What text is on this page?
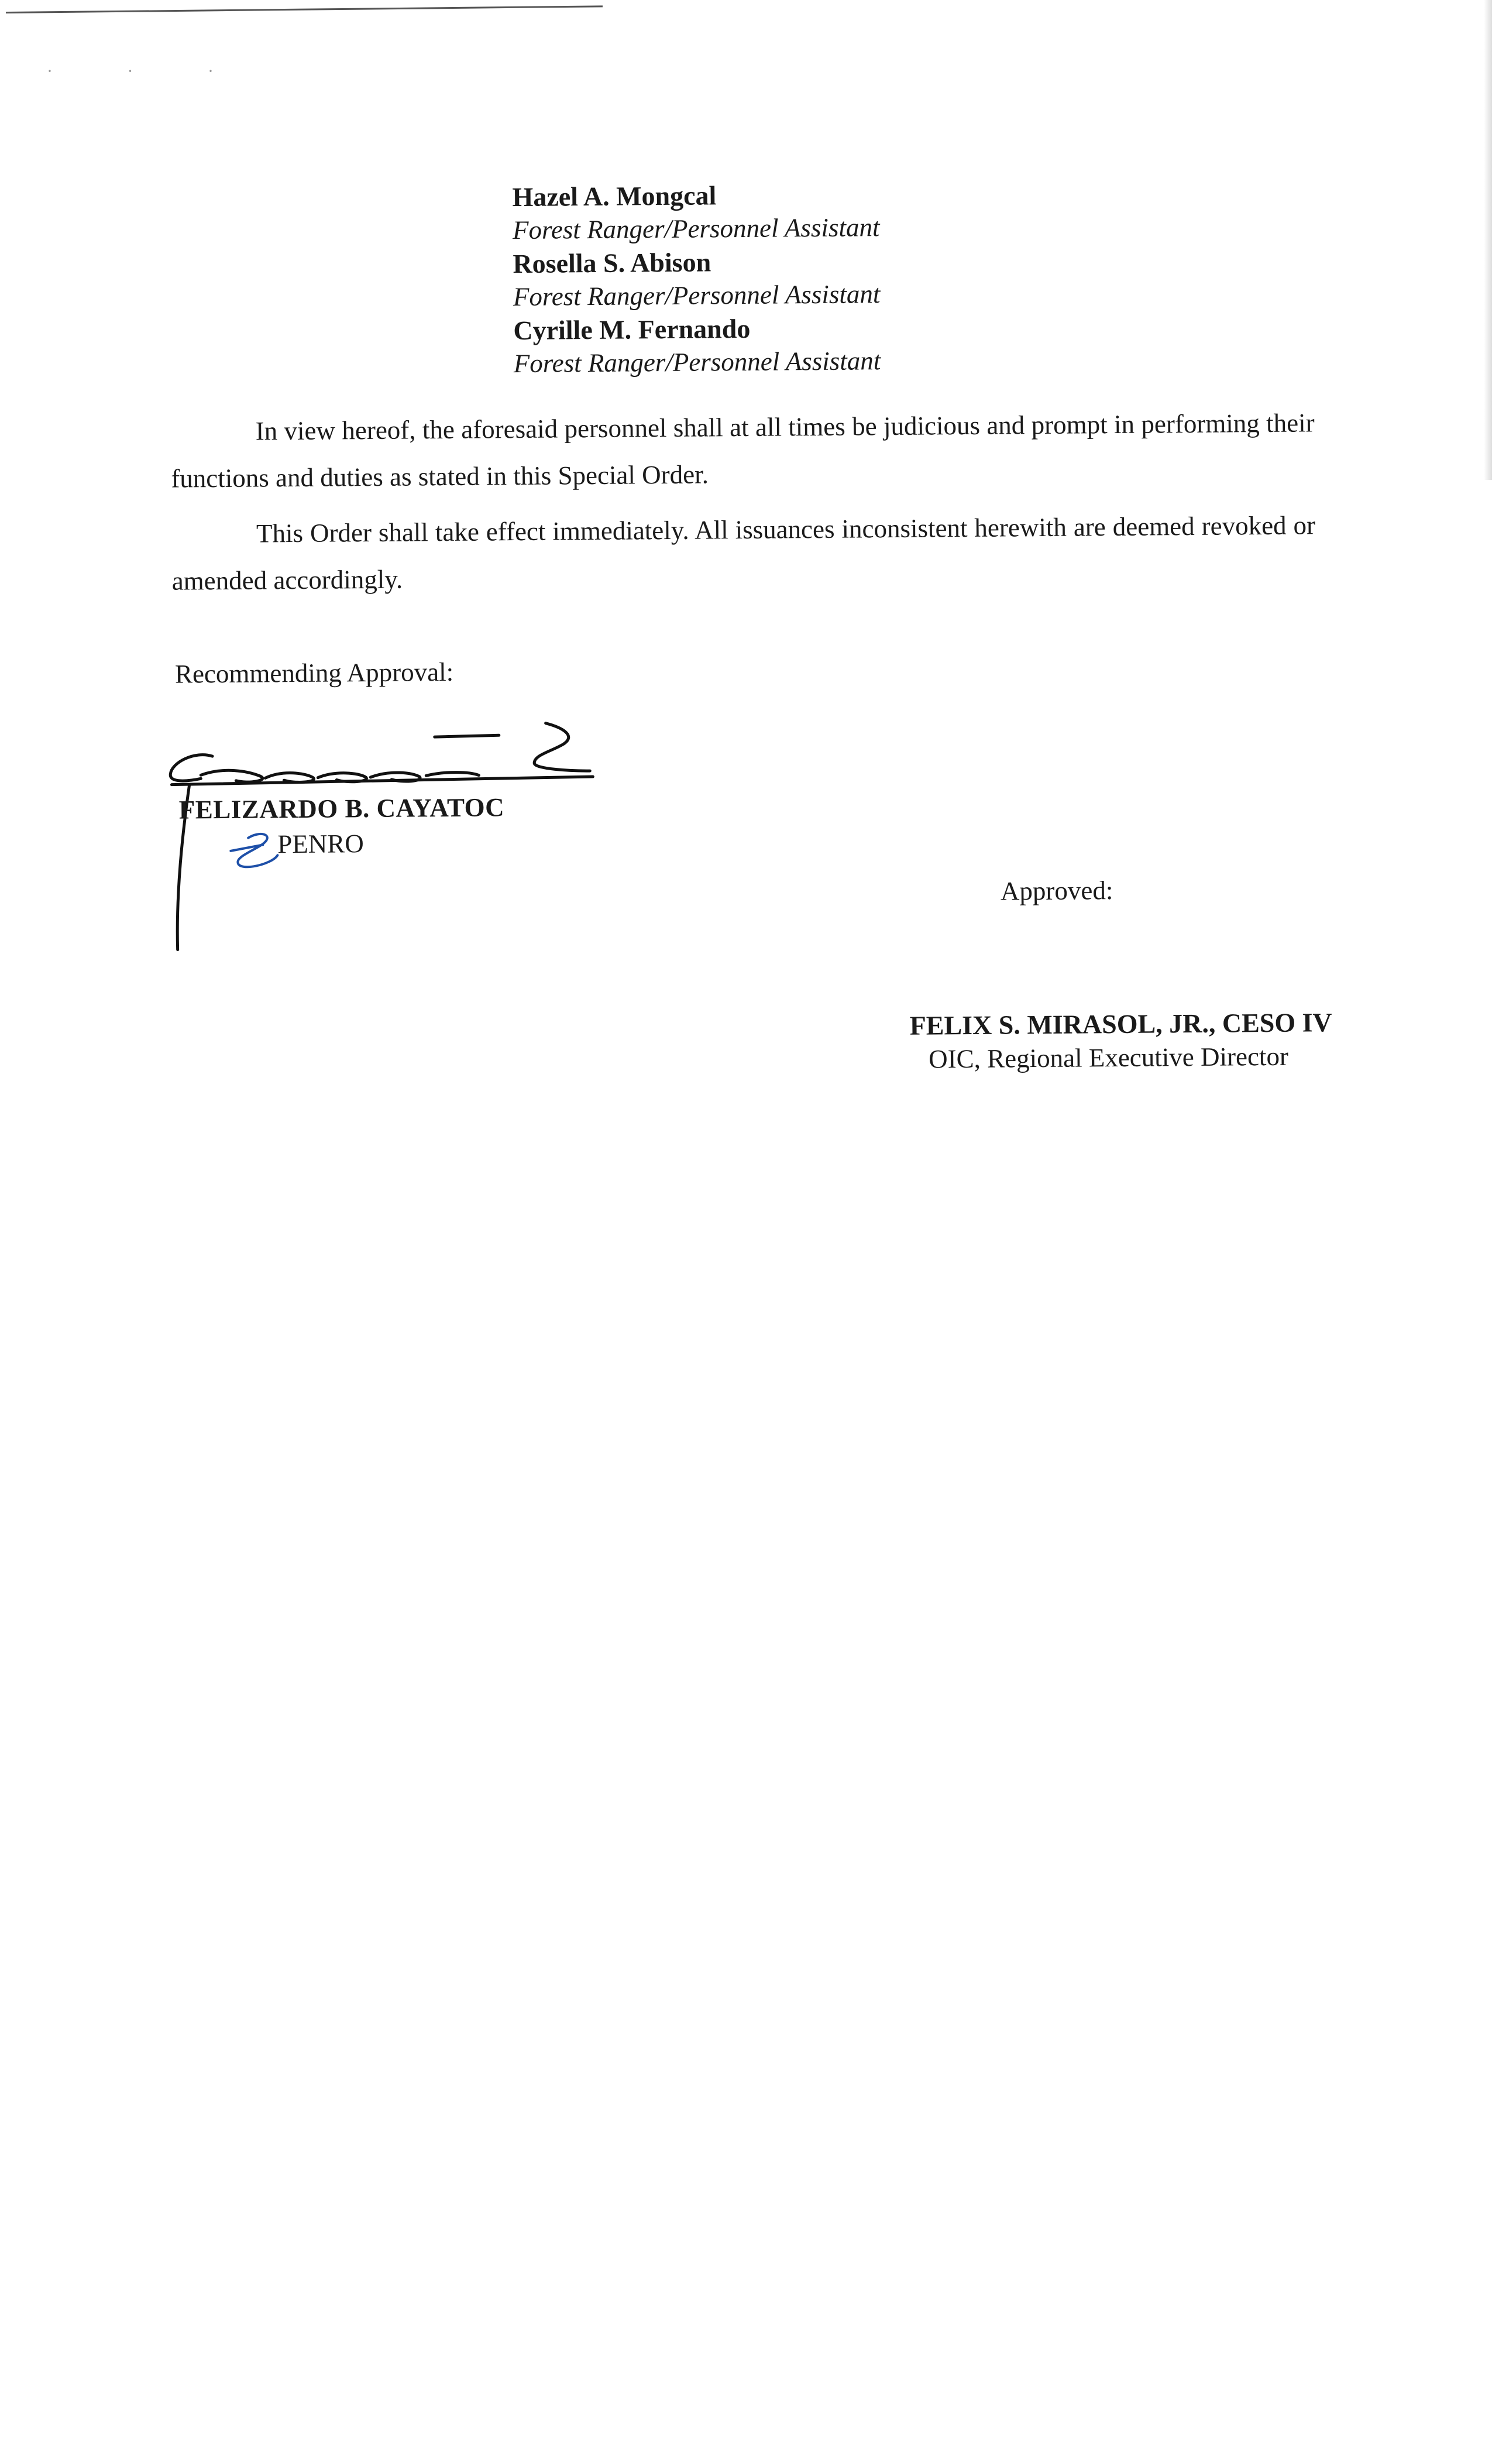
· · ·

Hazel A. Mongcal

Forest Ranger/Personnel Assistant

Rosella S. Abison

Forest Ranger/Personnel Assistant

Cyrille M. Fernando

Forest Ranger/Personnel Assistant

In view hereof, the aforesaid personnel shall at all times be judicious and prompt in performing their functions and duties as stated in this Special Order.

This Order shall take effect immediately. All issuances inconsistent herewith are deemed revoked or amended accordingly.

Recommending Approval:
FELIZARDO B. CAYATOC
PENRO
Approved:
FELIX S. MIRASOL, JR., CESO IV
OIC, Regional Executive Director
